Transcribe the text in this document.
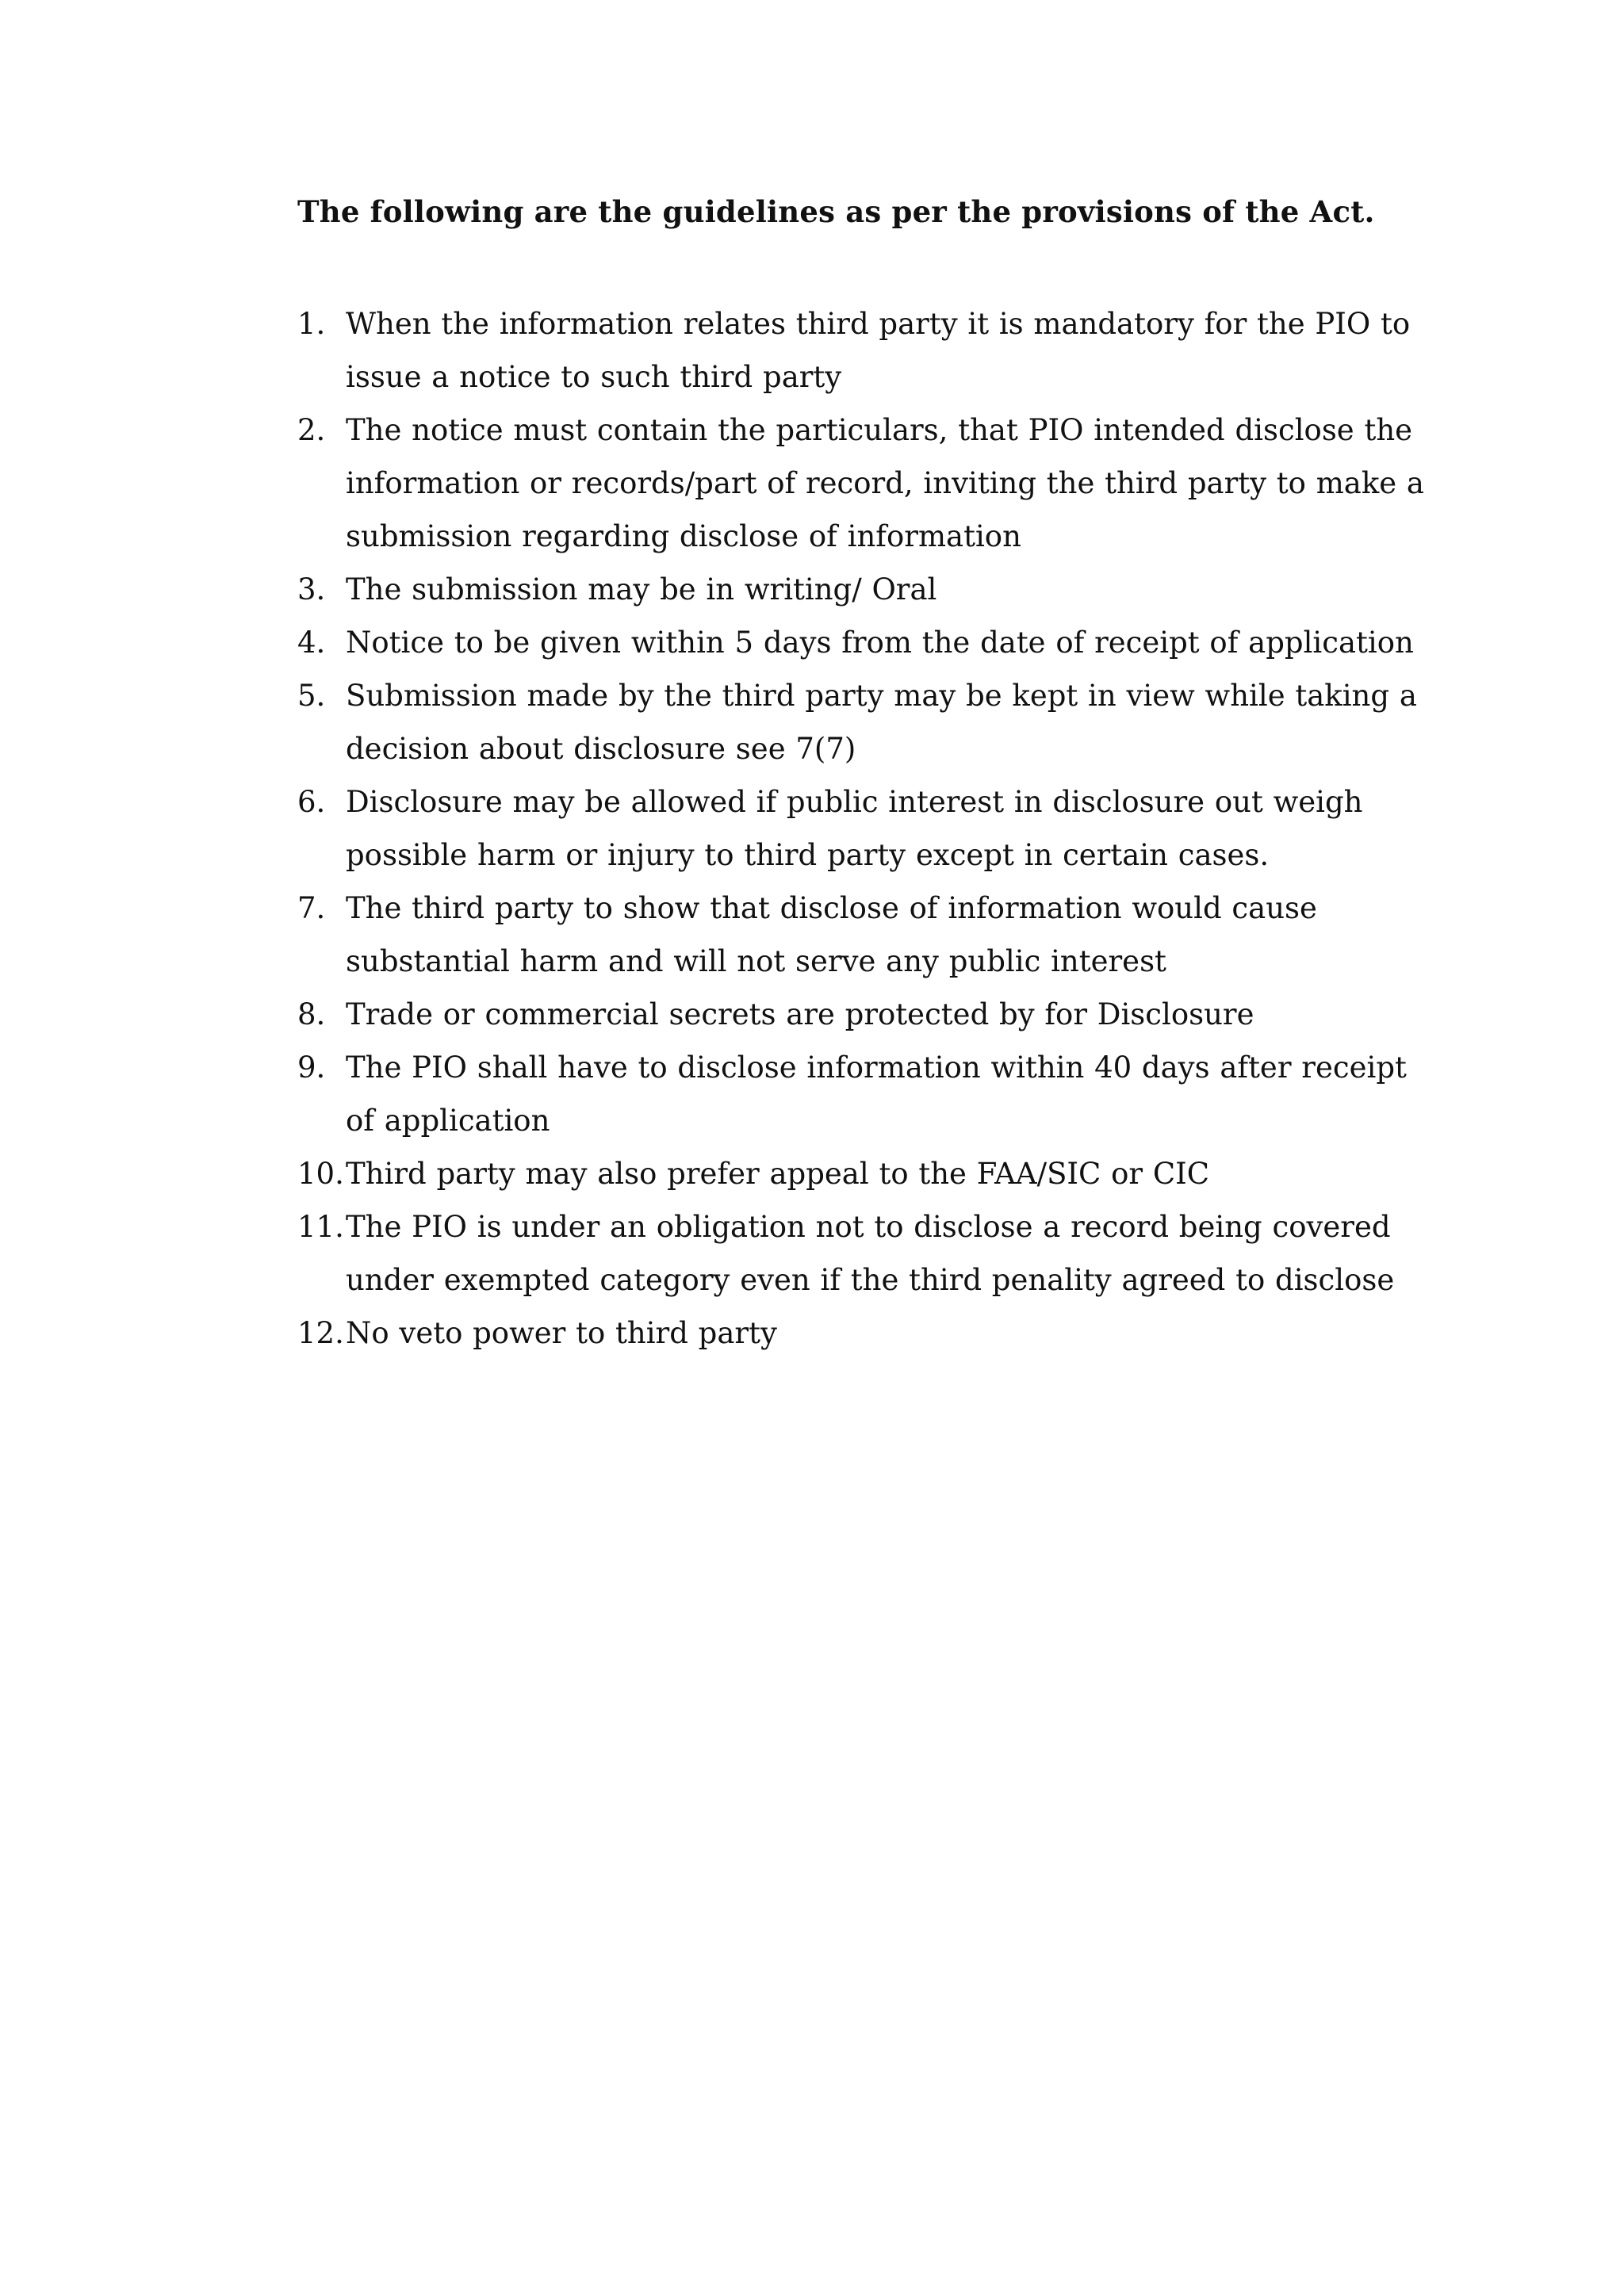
The following are the guidelines as per the provisions of the Act.
1. When the information relates third party it is mandatory for the PIO to issue a notice to such third party
2. The notice must contain the particulars, that PIO intended disclose the information or records/part of record, inviting the third party to make a submission regarding disclose of information
3. The submission may be in writing/ Oral
4. Notice to be given within 5 days from the date of receipt of application
5. Submission made by the third party may be kept in view while taking a decision about disclosure see 7(7)
6. Disclosure may be allowed if public interest in disclosure out weigh possible harm or injury to third party except in certain cases.
7. The third party to show that disclose of information would cause substantial harm and will not serve any public interest
8. Trade or commercial secrets are protected by for Disclosure
9. The PIO shall have to disclose information within 40 days after receipt of application
10. Third party may also prefer appeal to the FAA/SIC or CIC
11. The PIO is under an obligation not to disclose a record being covered under exempted category even if the third penality agreed to disclose
12. No veto power to third party
